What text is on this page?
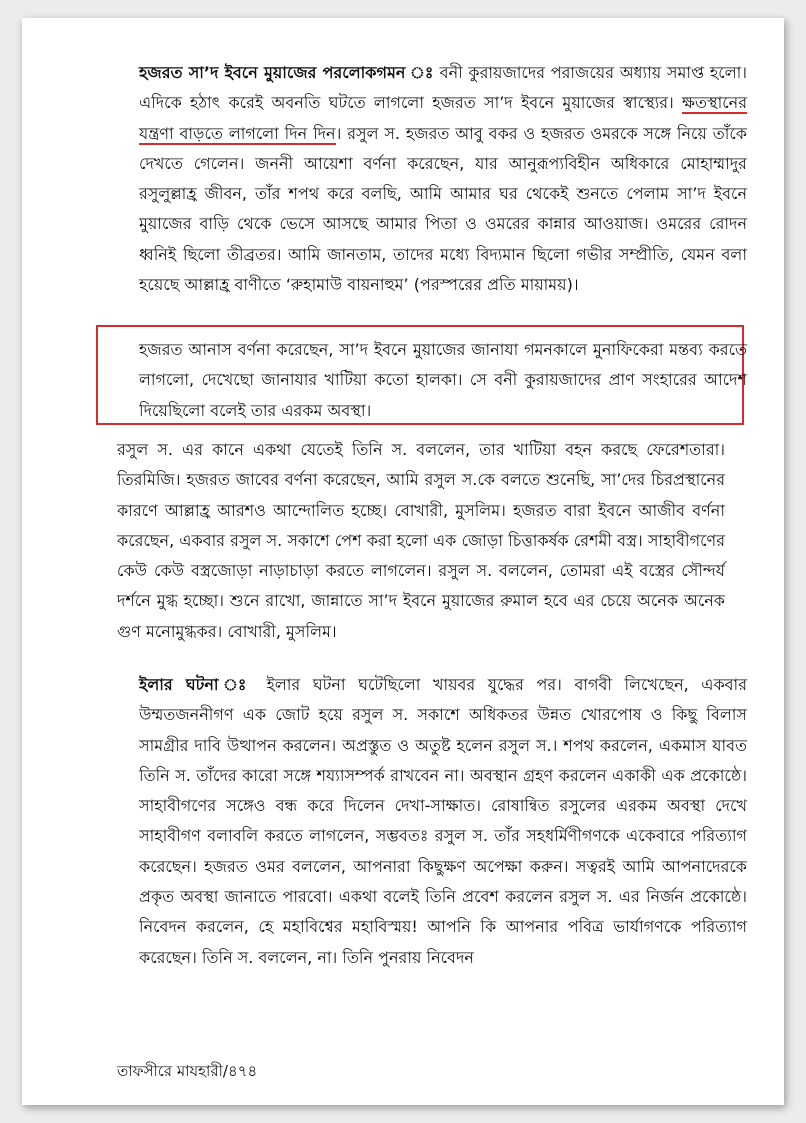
হজরত সা’দ ইবনে মুয়াজের পরলোকগমন ঃ বনী কুরায়জাদের পরাজয়ের অধ্যায় সমাপ্ত হলো। এদিকে হঠাৎ করেই অবনতি ঘটতে লাগলো হজরত সা’দ ইবনে মুয়াজের স্বাস্থ্যের। ক্ষতস্থানের যন্ত্রণা বাড়তে লাগলো দিন দিন। রসুল স. হজরত আবু বকর ও হজরত ওমরকে সঙ্গে নিয়ে তাঁকে দেখতে গেলেন। জননী আয়েশা বর্ণনা করেছেন, যার আনুরূপ্যবিহীন অধিকারে মোহাম্মাদুর রসুলুল্লাহ্র জীবন, তাঁর শপথ করে বলছি, আমি আমার ঘর থেকেই শুনতে পেলাম সা’দ ইবনে মুয়াজের বাড়ি থেকে ভেসে আসছে আমার পিতা ও ওমরের কান্নার আওয়াজ। ওমরের রোদন ধ্বনিই ছিলো তীব্রতর। আমি জানতাম, তাদের মধ্যে বিদ্যমান ছিলো গভীর সম্প্রীতি, যেমন বলা হয়েছে আল্লাহ্র বাণীতে ‘রুহামাউ বায়নাহুম’ (পরস্পরের প্রতি মায়াময়)।
হজরত আনাস বর্ণনা করেছেন, সা’দ ইবনে মুয়াজের জানাযা গমনকালে মুনাফিকেরা মন্তব্য করতে লাগলো, দেখেছো জানাযার খাটিয়া কতো হালকা। সে বনী কুরায়জাদের প্রাণ সংহারের আদেশ দিয়েছিলো বলেই তার এরকম অবস্থা।
রসুল স. এর কানে একথা যেতেই তিনি স. বললেন, তার খাটিয়া বহন করছে ফেরেশতারা। তিরমিজি। হজরত জাবের বর্ণনা করেছেন, আমি রসুল স.কে বলতে শুনেছি, সা’দের চিরপ্রস্থানের কারণে আল্লাহ্র আরশও আন্দোলিত হচ্ছে। বোখারী, মুসলিম। হজরত বারা ইবনে আজীব বর্ণনা করেছেন, একবার রসুল স. সকাশে পেশ করা হলো এক জোড়া চিত্তাকর্ষক রেশমী বস্ত্র। সাহাবীগণের কেউ কেউ বস্ত্রজোড়া নাড়াচাড়া করতে লাগলেন। রসুল স. বললেন, তোমরা এই বস্ত্রের সৌন্দর্য দর্শনে মুগ্ধ হচ্ছো। শুনে রাখো, জান্নাতে সা’দ ইবনে মুয়াজের রুমাল হবে এর চেয়ে অনেক অনেক গুণ মনোমুগ্ধকর। বোখারী, মুসলিম।
ইলার ঘটনা ঃ ইলার ঘটনা ঘটেছিলো খায়বর যুদ্ধের পর। বাগবী লিখেছেন, একবার উম্মতজননীগণ এক জোট হয়ে রসুল স. সকাশে অধিকতর উন্নত খোরপোষ ও কিছু বিলাস সামগ্রীর দাবি উত্থাপন করলেন। অপ্রস্তুত ও অতুষ্ট হলেন রসুল স.। শপথ করলেন, একমাস যাবত তিনি স. তাঁদের কারো সঙ্গে শয্যাসম্পর্ক রাখবেন না। অবস্থান গ্রহণ করলেন একাকী এক প্রকোষ্ঠে। সাহাবীগণের সঙ্গেও বন্ধ করে দিলেন দেখা-সাক্ষাত। রোষান্বিত রসুলের এরকম অবস্থা দেখে সাহাবীগণ বলাবলি করতে লাগলেন, সম্ভবতঃ রসুল স. তাঁর সহধর্মিণীগণকে একেবারে পরিত্যাগ করেছেন। হজরত ওমর বললেন, আপনারা কিছুক্ষণ অপেক্ষা করুন। সত্বরই আমি আপনাদেরকে প্রকৃত অবস্থা জানাতে পারবো। একথা বলেই তিনি প্রবেশ করলেন রসুল স. এর নির্জন প্রকোষ্ঠে। নিবেদন করলেন, হে মহাবিশ্বের মহাবিস্ময়! আপনি কি আপনার পবিত্র ভার্যাগণকে পরিত্যাগ করেছেন। তিনি স. বললেন, না। তিনি পুনরায় নিবেদন
তাফসীরে মাযহারী/৪৭৪
